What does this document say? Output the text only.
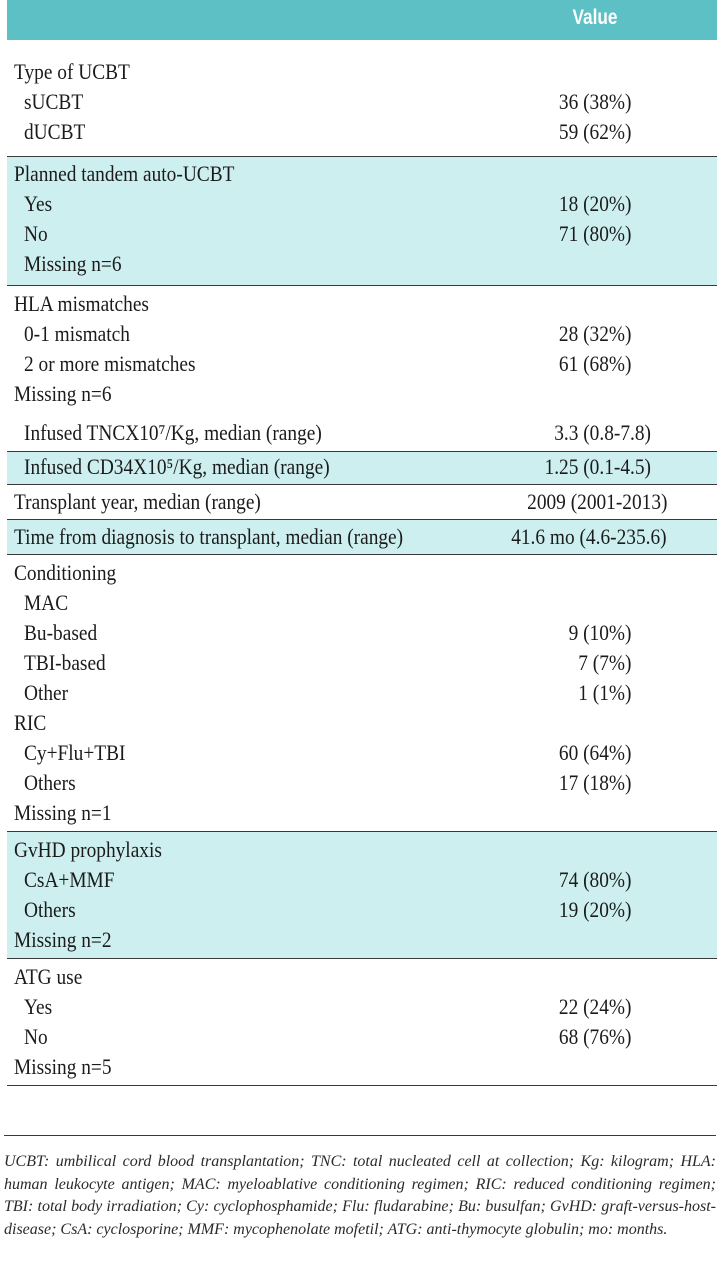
Value
Type of UCBT
sUCBT	36 (38%)
dUCBT	59 (62%)
Planned tandem auto-UCBT
Yes	18 (20%)
No	71 (80%)
Missing n=6
HLA mismatches
0-1 mismatch	28 (32%)
2 or more mismatches	61 (68%)
Missing n=6
Infused TNCX10⁷/Kg, median (range)	3.3 (0.8-7.8)
Infused CD34X10⁵/Kg, median (range)	1.25 (0.1-4.5)
Transplant year, median (range)	2009 (2001-2013)
Time from diagnosis to transplant, median (range)	41.6 mo (4.6-235.6)
Conditioning
MAC
Bu-based	9 (10%)
TBI-based	7 (7%)
Other	1 (1%)
RIC
Cy+Flu+TBI	60 (64%)
Others	17 (18%)
Missing n=1
GvHD prophylaxis
CsA+MMF	74 (80%)
Others	19 (20%)
Missing n=2
ATG use
Yes	22 (24%)
No	68 (76%)
Missing n=5

UCBT: umbilical cord blood transplantation; TNC: total nucleated cell at collection; Kg: kilogram; HLA: human leukocyte antigen; MAC: myeloablative conditioning regimen; RIC: reduced conditioning regimen; TBI: total body irradiation; Cy: cyclophosphamide; Flu: fludarabine; Bu: busulfan; GvHD: graft-versus-host-disease; CsA: cyclosporine; MMF: mycophenolate mofetil; ATG: anti-thymocyte globulin; mo: months.
